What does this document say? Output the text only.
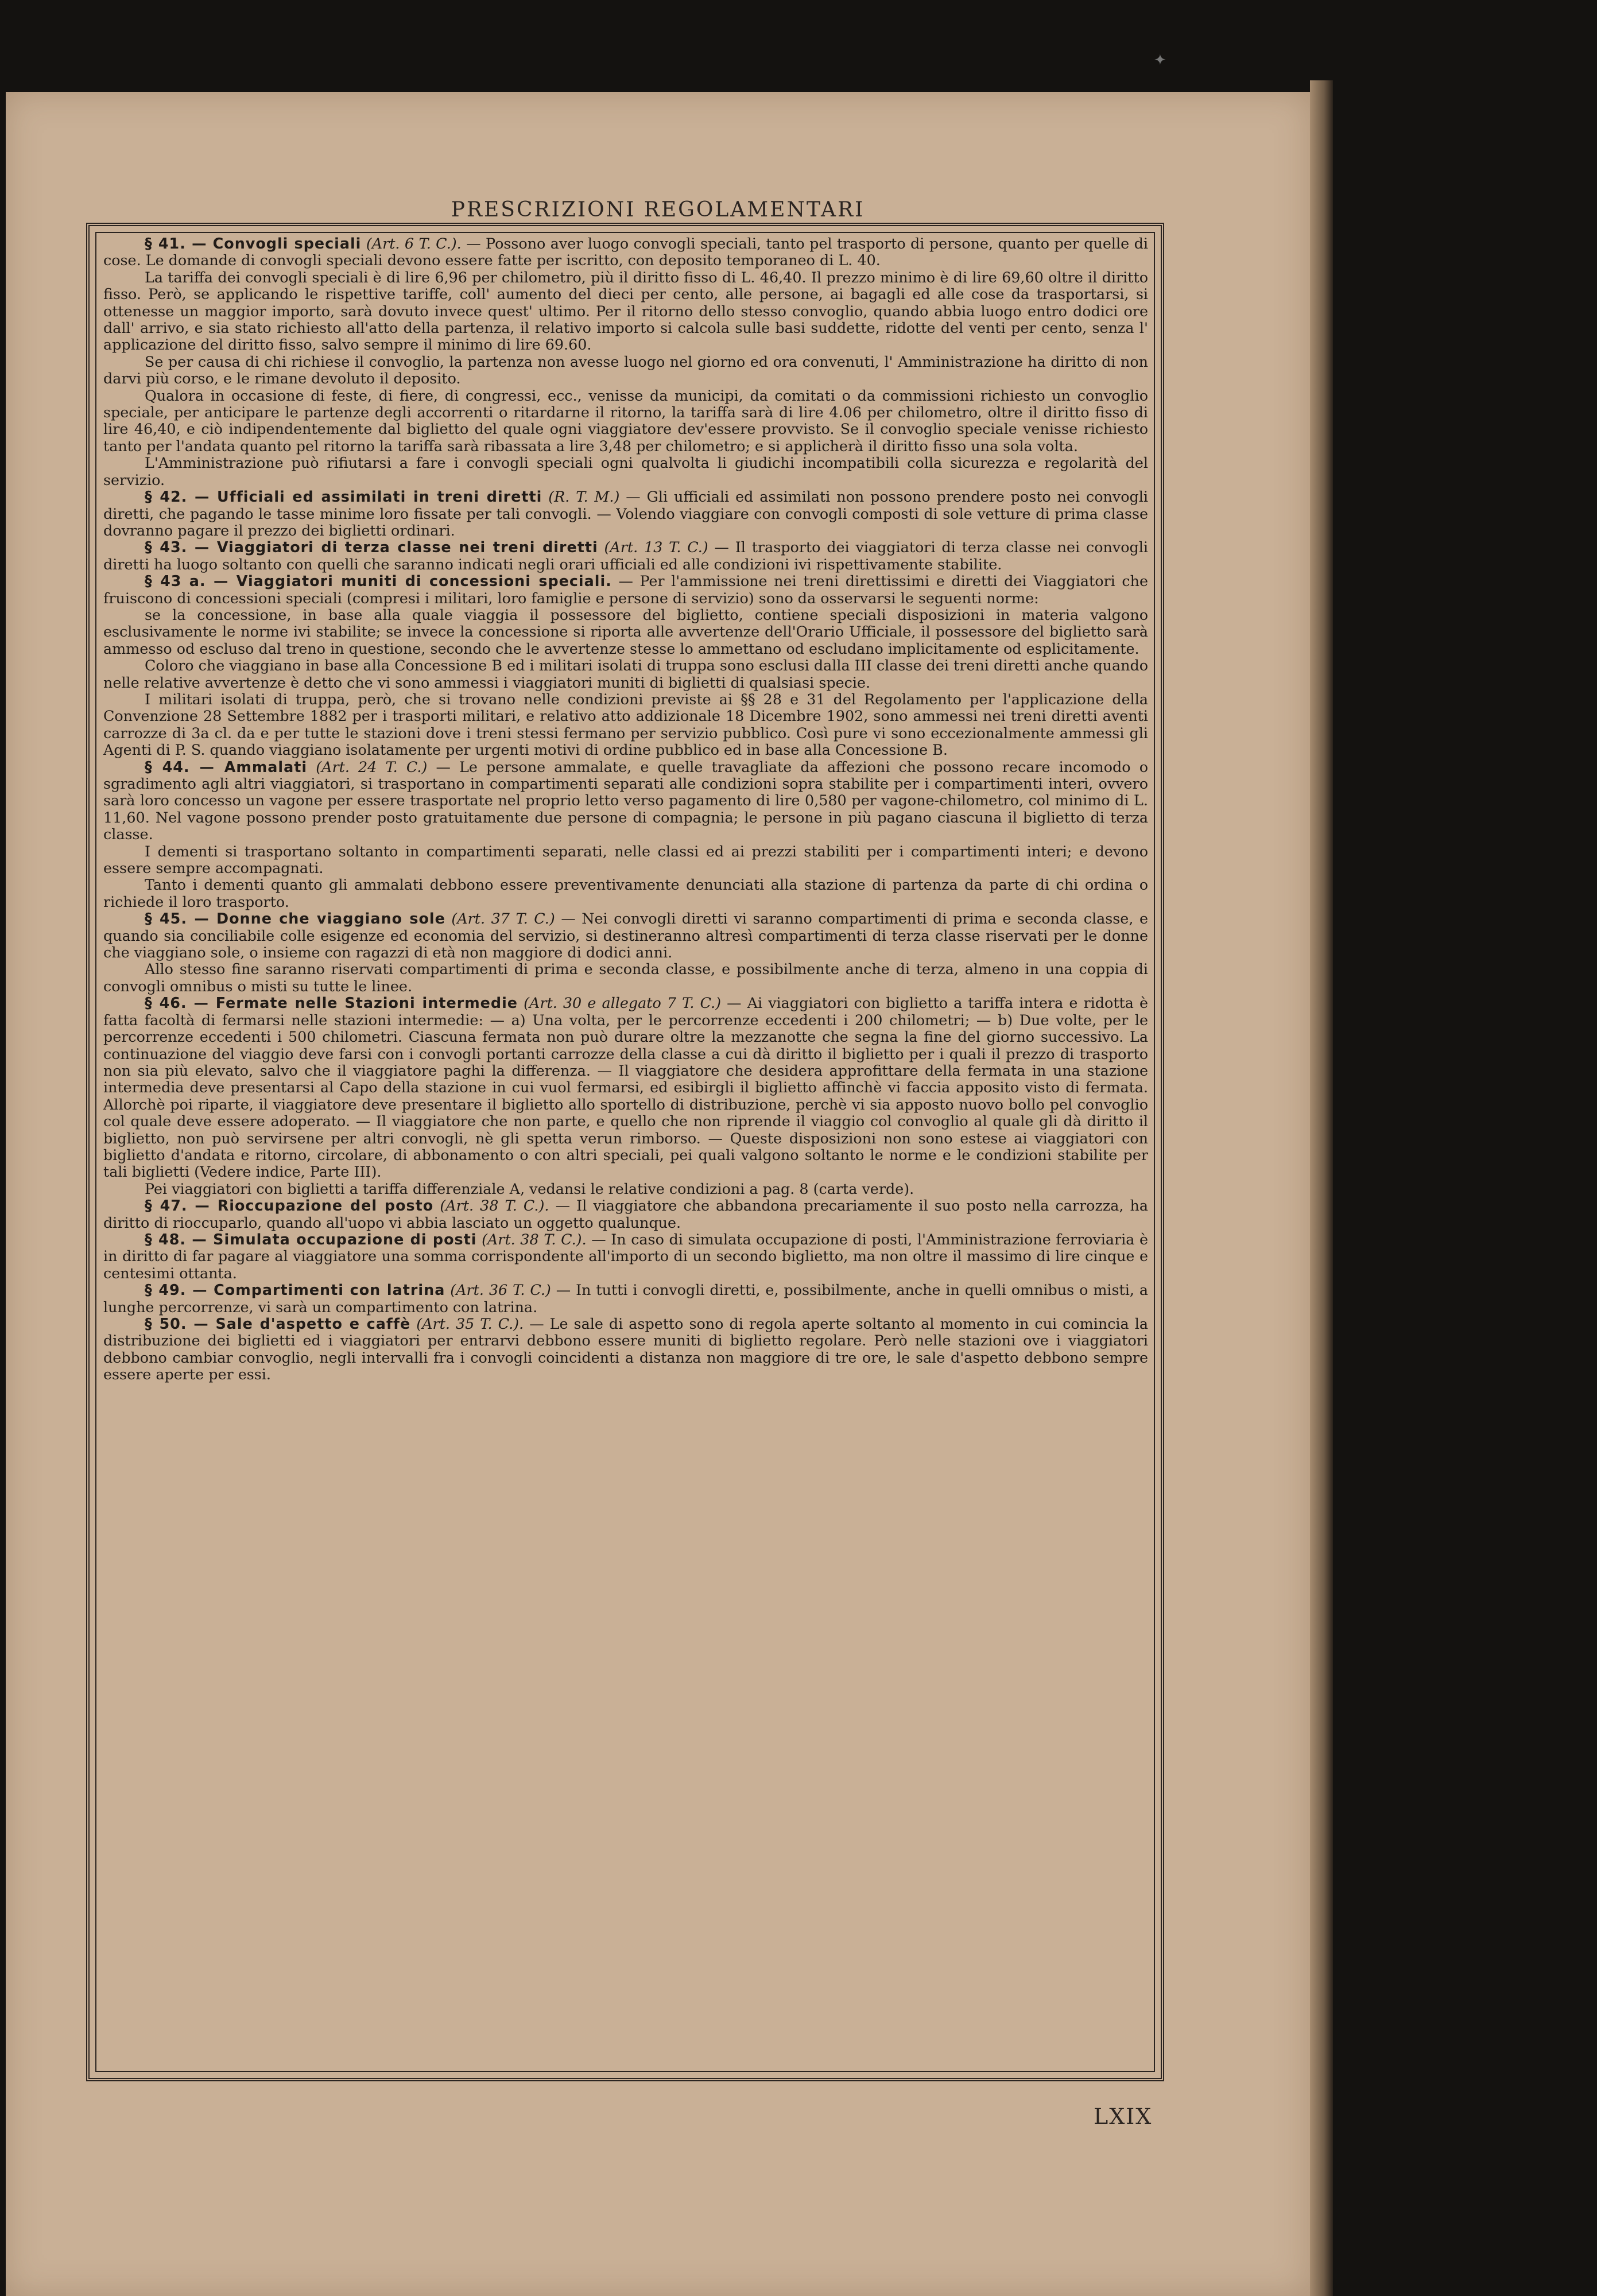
✦
PRESCRIZIONI REGOLAMENTARI

§ 41. — Convogli speciali (Art. 6 T. C.). — Possono aver luogo convogli speciali, tanto pel trasporto di persone, quanto per quelle di cose. Le domande di convogli speciali devono essere fatte per iscritto, con deposito temporaneo di L. 40.

La tariffa dei convogli speciali è di lire 6,96 per chilometro, più il diritto fisso di L. 46,40. Il prezzo minimo è di lire 69,60 oltre il diritto fisso. Però, se applicando le rispettive tariffe, coll' aumento del dieci per cento, alle persone, ai bagagli ed alle cose da trasportarsi, si ottenesse un maggior importo, sarà dovuto invece quest' ultimo. Per il ritorno dello stesso convoglio, quando abbia luogo entro dodici ore dall' arrivo, e sia stato richiesto all'atto della partenza, il relativo importo si calcola sulle basi suddette, ridotte del venti per cento, senza l' applicazione del diritto fisso, salvo sempre il minimo di lire 69.60.

Se per causa di chi richiese il convoglio, la partenza non avesse luogo nel giorno ed ora convenuti, l' Amministrazione ha diritto di non darvi più corso, e le rimane devoluto il deposito.

Qualora in occasione di feste, di fiere, di congressi, ecc., venisse da municipi, da comitati o da commissioni richiesto un convoglio speciale, per anticipare le partenze degli accorrenti o ritardarne il ritorno, la tariffa sarà di lire 4.06 per chilometro, oltre il diritto fisso di lire 46,40, e ciò indipendentemente dal biglietto del quale ogni viaggiatore dev'essere provvisto. Se il convoglio speciale venisse richiesto tanto per l'andata quanto pel ritorno la tariffa sarà ribassata a lire 3,48 per chilometro; e si applicherà il diritto fisso una sola volta.

L'Amministrazione può rifiutarsi a fare i convogli speciali ogni qualvolta li giudichi incompatibili colla sicurezza e regolarità del servizio.

§ 42. — Ufficiali ed assimilati in treni diretti (R. T. M.) — Gli ufficiali ed assimilati non possono prendere posto nei convogli diretti, che pagando le tasse minime loro fissate per tali convogli. — Volendo viaggiare con convogli composti di sole vetture di prima classe dovranno pagare il prezzo dei biglietti ordinari.

§ 43. — Viaggiatori di terza classe nei treni diretti (Art. 13 T. C.) — Il trasporto dei viaggiatori di terza classe nei convogli diretti ha luogo soltanto con quelli che saranno indicati negli orari ufficiali ed alle condizioni ivi rispettivamente stabilite.

§ 43 a. — Viaggiatori muniti di concessioni speciali. — Per l'ammissione nei treni direttissimi e diretti dei Viaggiatori che fruiscono di concessioni speciali (compresi i militari, loro famiglie e persone di servizio) sono da osservarsi le seguenti norme:

se la concessione, in base alla quale viaggia il possessore del biglietto, contiene speciali disposizioni in materia valgono esclusivamente le norme ivi stabilite; se invece la concessione si riporta alle avvertenze dell'Orario Ufficiale, il possessore del biglietto sarà ammesso od escluso dal treno in questione, secondo che le avvertenze stesse lo ammettano od escludano implicitamente od esplicitamente.

Coloro che viaggiano in base alla Concessione B ed i militari isolati di truppa sono esclusi dalla III classe dei treni diretti anche quando nelle relative avvertenze è detto che vi sono ammessi i viaggiatori muniti di biglietti di qualsiasi specie.

I militari isolati di truppa, però, che si trovano nelle condizioni previste ai §§ 28 e 31 del Regolamento per l'applicazione della Convenzione 28 Settembre 1882 per i trasporti militari, e relativo atto addizionale 18 Dicembre 1902, sono ammessi nei treni diretti aventi carrozze di 3a cl. da e per tutte le stazioni dove i treni stessi fermano per servizio pubblico. Così pure vi sono eccezionalmente ammessi gli Agenti di P. S. quando viaggiano isolatamente per urgenti motivi di ordine pubblico ed in base alla Concessione B.

§ 44. — Ammalati (Art. 24 T. C.) — Le persone ammalate, e quelle travagliate da affezioni che possono recare incomodo o sgradimento agli altri viaggiatori, si trasportano in compartimenti separati alle condizioni sopra stabilite per i compartimenti interi, ovvero sarà loro concesso un vagone per essere trasportate nel proprio letto verso pagamento di lire 0,580 per vagone-chilometro, col minimo di L. 11,60. Nel vagone possono prender posto gratuitamente due persone di compagnia; le persone in più pagano ciascuna il biglietto di terza classe.

I dementi si trasportano soltanto in compartimenti separati, nelle classi ed ai prezzi stabiliti per i compartimenti interi; e devono essere sempre accompagnati.

Tanto i dementi quanto gli ammalati debbono essere preventivamente denunciati alla stazione di partenza da parte di chi ordina o richiede il loro trasporto.

§ 45. — Donne che viaggiano sole (Art. 37 T. C.) — Nei convogli diretti vi saranno compartimenti di prima e seconda classe, e quando sia conciliabile colle esigenze ed economia del servizio, si destineranno altresì compartimenti di terza classe riservati per le donne che viaggiano sole, o insieme con ragazzi di età non maggiore di dodici anni.

Allo stesso fine saranno riservati compartimenti di prima e seconda classe, e possibilmente anche di terza, almeno in una coppia di convogli omnibus o misti su tutte le linee.

§ 46. — Fermate nelle Stazioni intermedie (Art. 30 e allegato 7 T. C.) — Ai viaggiatori con biglietto a tariffa intera e ridotta è fatta facoltà di fermarsi nelle stazioni intermedie: — a) Una volta, per le percorrenze eccedenti i 200 chilometri; — b) Due volte, per le percorrenze eccedenti i 500 chilometri. Ciascuna fermata non può durare oltre la mezzanotte che segna la fine del giorno successivo. La continuazione del viaggio deve farsi con i convogli portanti carrozze della classe a cui dà diritto il biglietto per i quali il prezzo di trasporto non sia più elevato, salvo che il viaggiatore paghi la differenza. — Il viaggiatore che desidera approfittare della fermata in una stazione intermedia deve presentarsi al Capo della stazione in cui vuol fermarsi, ed esibirgli il biglietto affinchè vi faccia apposito visto di fermata. Allorchè poi riparte, il viaggiatore deve presentare il biglietto allo sportello di distribuzione, perchè vi sia apposto nuovo bollo pel convoglio col quale deve essere adoperato. — Il viaggiatore che non parte, e quello che non riprende il viaggio col convoglio al quale gli dà diritto il biglietto, non può servirsene per altri convogli, nè gli spetta verun rimborso. — Queste disposizioni non sono estese ai viaggiatori con biglietto d'andata e ritorno, circolare, di abbonamento o con altri speciali, pei quali valgono soltanto le norme e le condizioni stabilite per tali biglietti (Vedere indice, Parte III).

Pei viaggiatori con biglietti a tariffa differenziale A, vedansi le relative condizioni a pag. 8 (carta verde).

§ 47. — Rioccupazione del posto (Art. 38 T. C.). — Il viaggiatore che abbandona precariamente il suo posto nella carrozza, ha diritto di rioccuparlo, quando all'uopo vi abbia lasciato un oggetto qualunque.

§ 48. — Simulata occupazione di posti (Art. 38 T. C.). — In caso di simulata occupazione di posti, l'Amministrazione ferroviaria è in diritto di far pagare al viaggiatore una somma corrispondente all'importo di un secondo biglietto, ma non oltre il massimo di lire cinque e centesimi ottanta.

§ 49. — Compartimenti con latrina (Art. 36 T. C.) — In tutti i convogli diretti, e, possibilmente, anche in quelli omnibus o misti, a lunghe percorrenze, vi sarà un compartimento con latrina.

§ 50. — Sale d'aspetto e caffè (Art. 35 T. C.). — Le sale di aspetto sono di regola aperte soltanto al momento in cui comincia la distribuzione dei biglietti ed i viaggiatori per entrarvi debbono essere muniti di biglietto regolare. Però nelle stazioni ove i viaggiatori debbono cambiar convoglio, negli intervalli fra i convogli coincidenti a distanza non maggiore di tre ore, le sale d'aspetto debbono sempre essere aperte per essi.

LXIX
